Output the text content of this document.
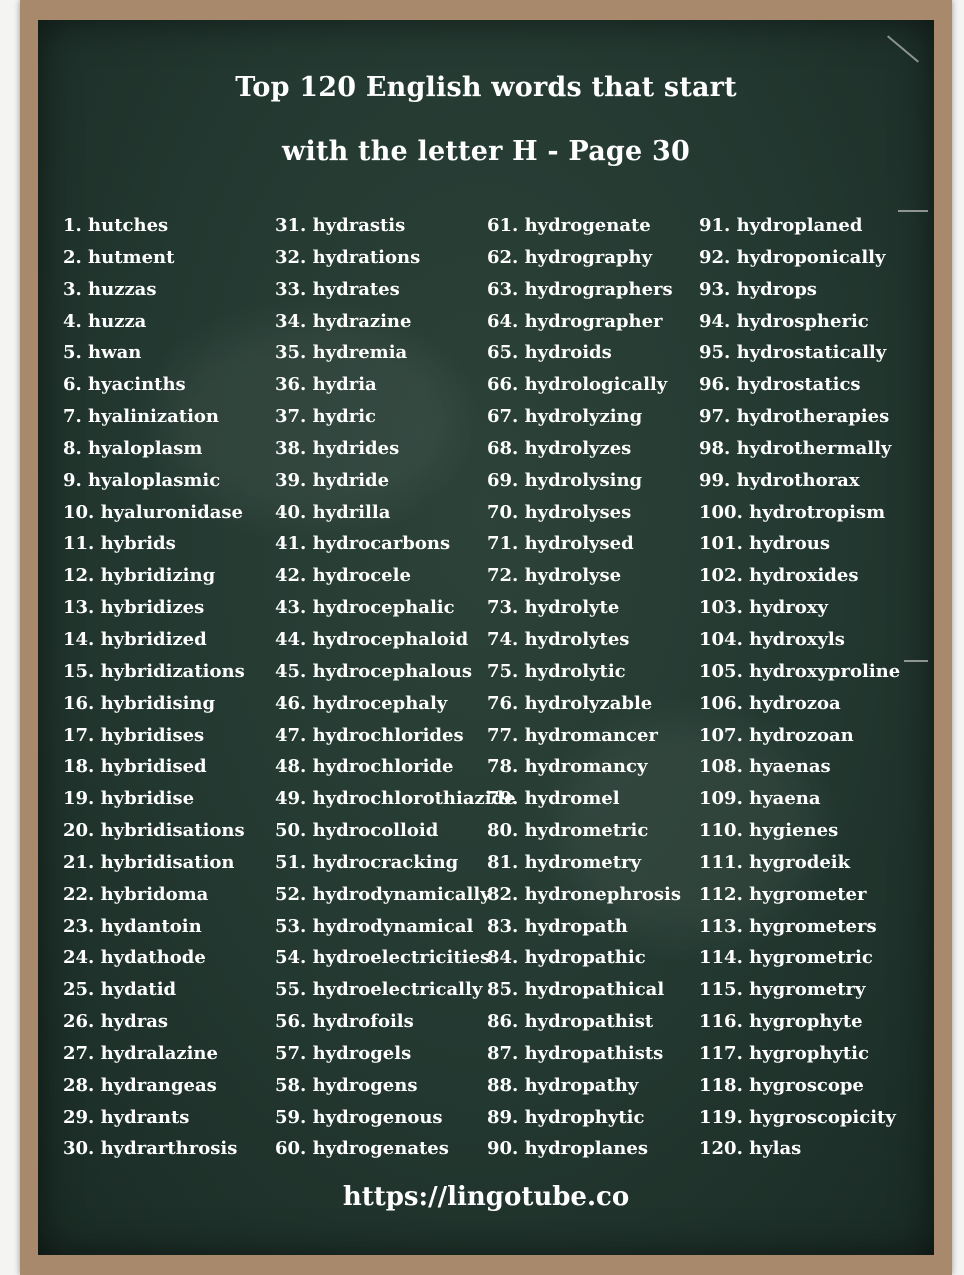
Top 120 English words that start
with the letter H - Page 30
1. hutches
2. hutment
3. huzzas
4. huzza
5. hwan
6. hyacinths
7. hyalinization
8. hyaloplasm
9. hyaloplasmic
10. hyaluronidase
11. hybrids
12. hybridizing
13. hybridizes
14. hybridized
15. hybridizations
16. hybridising
17. hybridises
18. hybridised
19. hybridise
20. hybridisations
21. hybridisation
22. hybridoma
23. hydantoin
24. hydathode
25. hydatid
26. hydras
27. hydralazine
28. hydrangeas
29. hydrants
30. hydrarthrosis
31. hydrastis
32. hydrations
33. hydrates
34. hydrazine
35. hydremia
36. hydria
37. hydric
38. hydrides
39. hydride
40. hydrilla
41. hydrocarbons
42. hydrocele
43. hydrocephalic
44. hydrocephaloid
45. hydrocephalous
46. hydrocephaly
47. hydrochlorides
48. hydrochloride
49. hydrochlorothiazide
50. hydrocolloid
51. hydrocracking
52. hydrodynamically
53. hydrodynamical
54. hydroelectricities
55. hydroelectrically
56. hydrofoils
57. hydrogels
58. hydrogens
59. hydrogenous
60. hydrogenates
61. hydrogenate
62. hydrography
63. hydrographers
64. hydrographer
65. hydroids
66. hydrologically
67. hydrolyzing
68. hydrolyzes
69. hydrolysing
70. hydrolyses
71. hydrolysed
72. hydrolyse
73. hydrolyte
74. hydrolytes
75. hydrolytic
76. hydrolyzable
77. hydromancer
78. hydromancy
79. hydromel
80. hydrometric
81. hydrometry
82. hydronephrosis
83. hydropath
84. hydropathic
85. hydropathical
86. hydropathist
87. hydropathists
88. hydropathy
89. hydrophytic
90. hydroplanes
91. hydroplaned
92. hydroponically
93. hydrops
94. hydrospheric
95. hydrostatically
96. hydrostatics
97. hydrotherapies
98. hydrothermally
99. hydrothorax
100. hydrotropism
101. hydrous
102. hydroxides
103. hydroxy
104. hydroxyls
105. hydroxyproline
106. hydrozoa
107. hydrozoan
108. hyaenas
109. hyaena
110. hygienes
111. hygrodeik
112. hygrometer
113. hygrometers
114. hygrometric
115. hygrometry
116. hygrophyte
117. hygrophytic
118. hygroscope
119. hygroscopicity
120. hylas
https://lingotube.co
